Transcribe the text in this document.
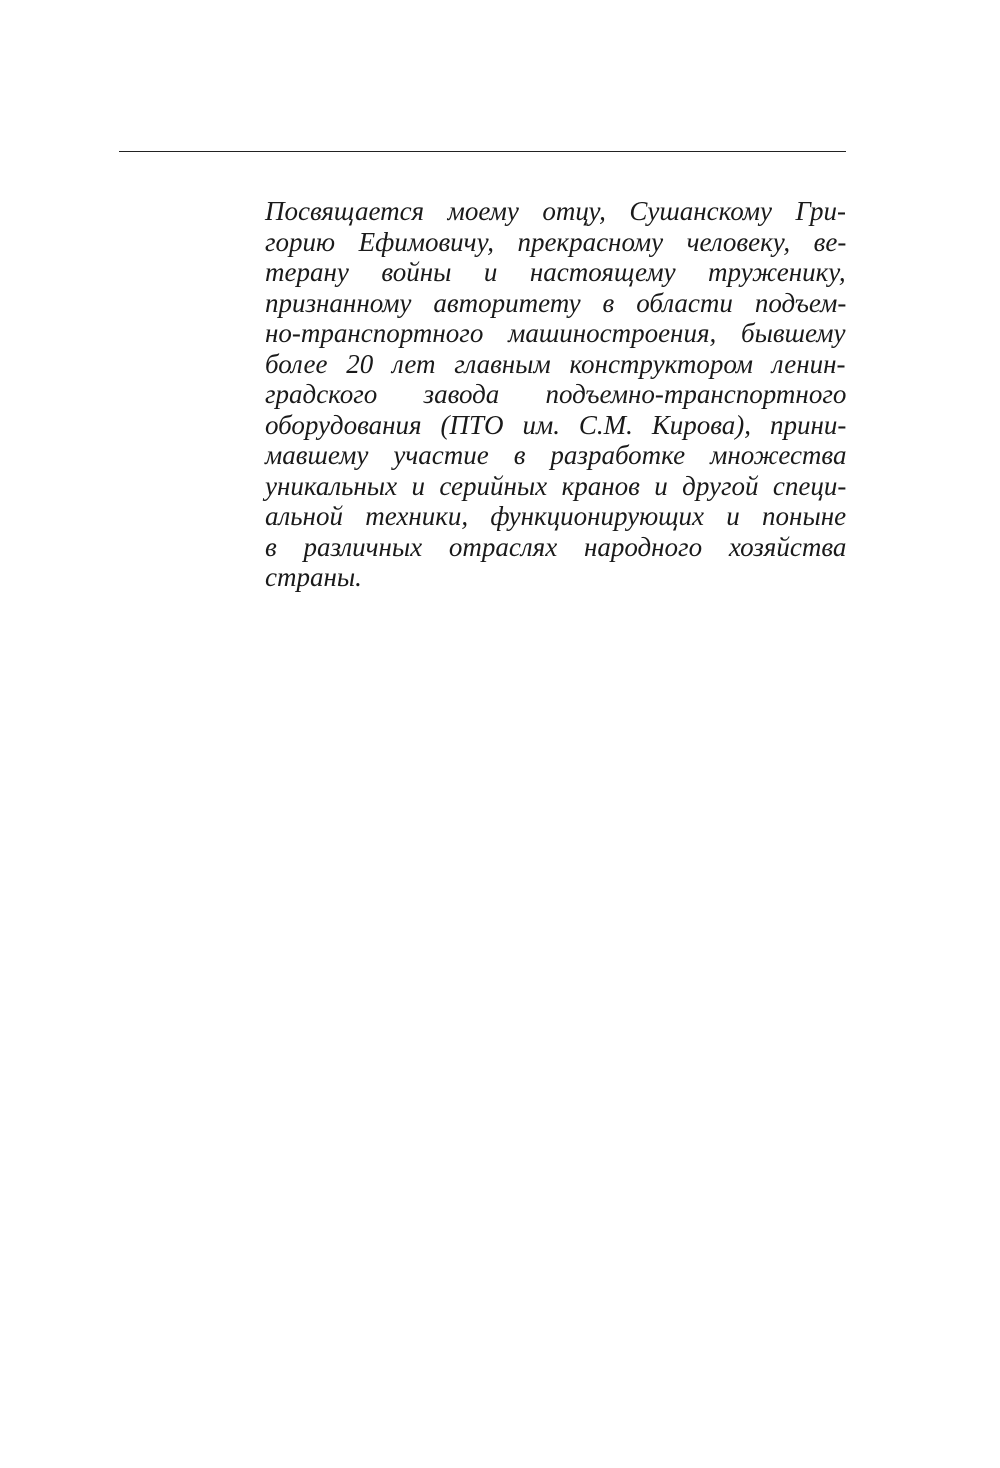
Посвящается моему отцу, Сушанскому Гри-
горию Ефимовичу, прекрасному человеку, ве-
терану войны и настоящему труженику,
признанному авторитету в области подъем-
но-транспортного машиностроения, бывшему
более 20 лет главным конструктором ленин-
градского завода подъемно-транспортного
оборудования (ПТО им. С.М. Кирова), прини-
мавшему участие в разработке множества
уникальных и серийных кранов и другой специ-
альной техники, функционирующих и поныне
в различных отраслях народного хозяйства
страны.
